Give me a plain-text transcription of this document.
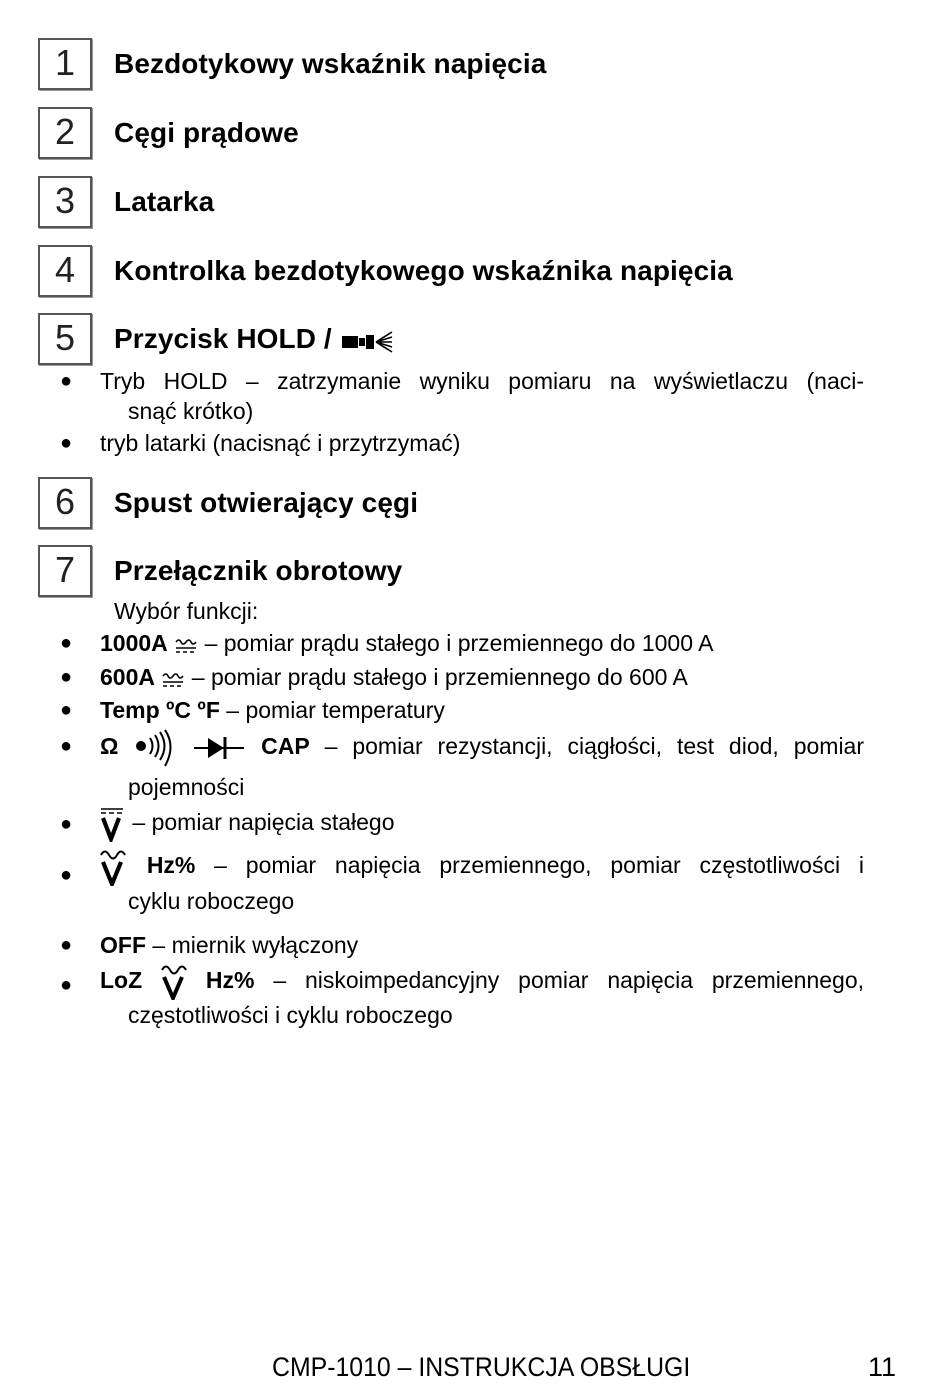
1	Bezdotykowy wskaźnik napięcia
2	Cęgi prądowe
3	Latarka
4	Kontrolka bezdotykowego wskaźnika napięcia
5	Przycisk HOLD /
● Tryb HOLD – zatrzymanie wyniku pomiaru na wyświetlaczu (naci-
snąć krótko)
● tryb latarki (nacisnąć i przytrzymać)
6	Spust otwierający cęgi
7	Przełącznik obrotowy
Wybór funkcji:
● 1000A  – pomiar prądu stałego i przemiennego do 1000 A
● 600A  – pomiar prądu stałego i przemiennego do 600 A
● Temp ºC ºF – pomiar temperatury
● Ω	CAP – pomiar rezystancji, ciągłości, test diod, pomiar
pojemności
●	– pomiar napięcia stałego
●	Hz% – pomiar napięcia przemiennego, pomiar częstotliwości i
cyklu roboczego
● OFF – miernik wyłączony
● LoZ	Hz% – niskoimpedancyjny pomiar napięcia przemiennego,
częstotliwości i cyklu roboczego
CMP-1010 – INSTRUKCJA OBSŁUGI	11
